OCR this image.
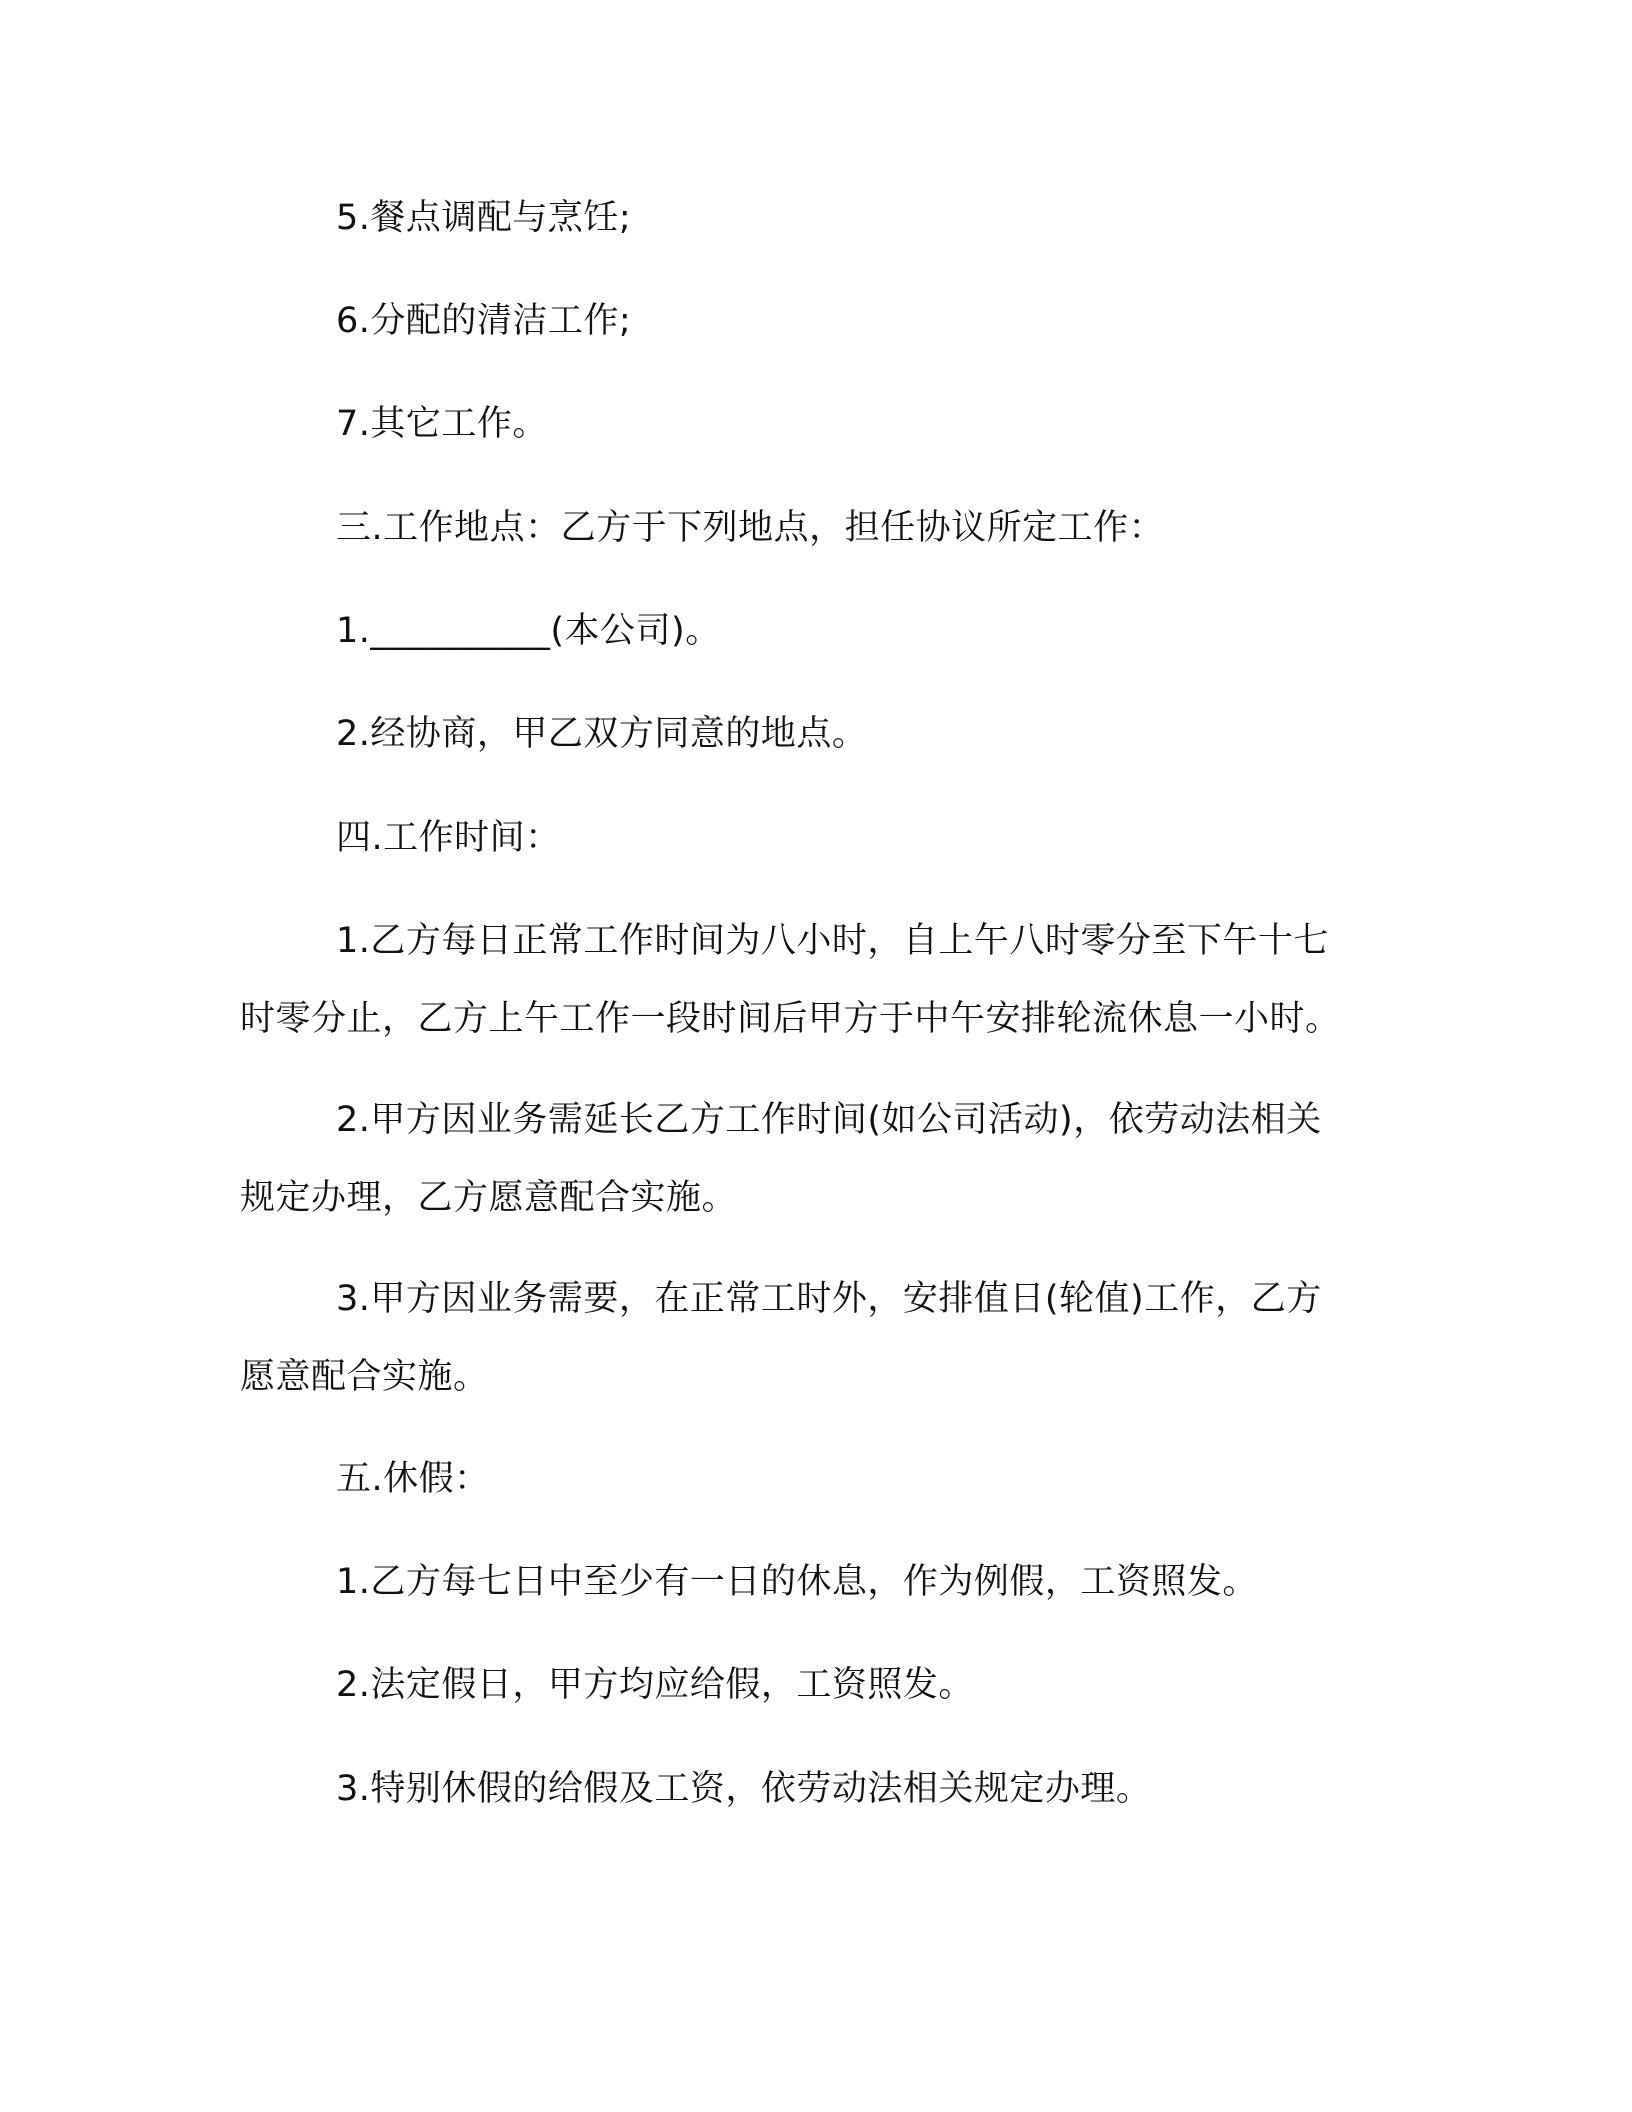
5.餐点调配与烹饪;

6.分配的清洁工作;

7.其它工作。

三.工作地点：乙方于下列地点，担任协议所定工作：

1.__________(本公司)。

2.经协商，甲乙双方同意的地点。

四.工作时间：

1.乙方每日正常工作时间为八小时，自上午八时零分至下午十七

时零分止，乙方上午工作一段时间后甲方于中午安排轮流休息一小时。

2.甲方因业务需延长乙方工作时间(如公司活动)，依劳动法相关

规定办理，乙方愿意配合实施。

3.甲方因业务需要，在正常工时外，安排值日(轮值)工作，乙方

愿意配合实施。

五.休假：

1.乙方每七日中至少有一日的休息，作为例假，工资照发。

2.法定假日，甲方均应给假，工资照发。

3.特别休假的给假及工资，依劳动法相关规定办理。
